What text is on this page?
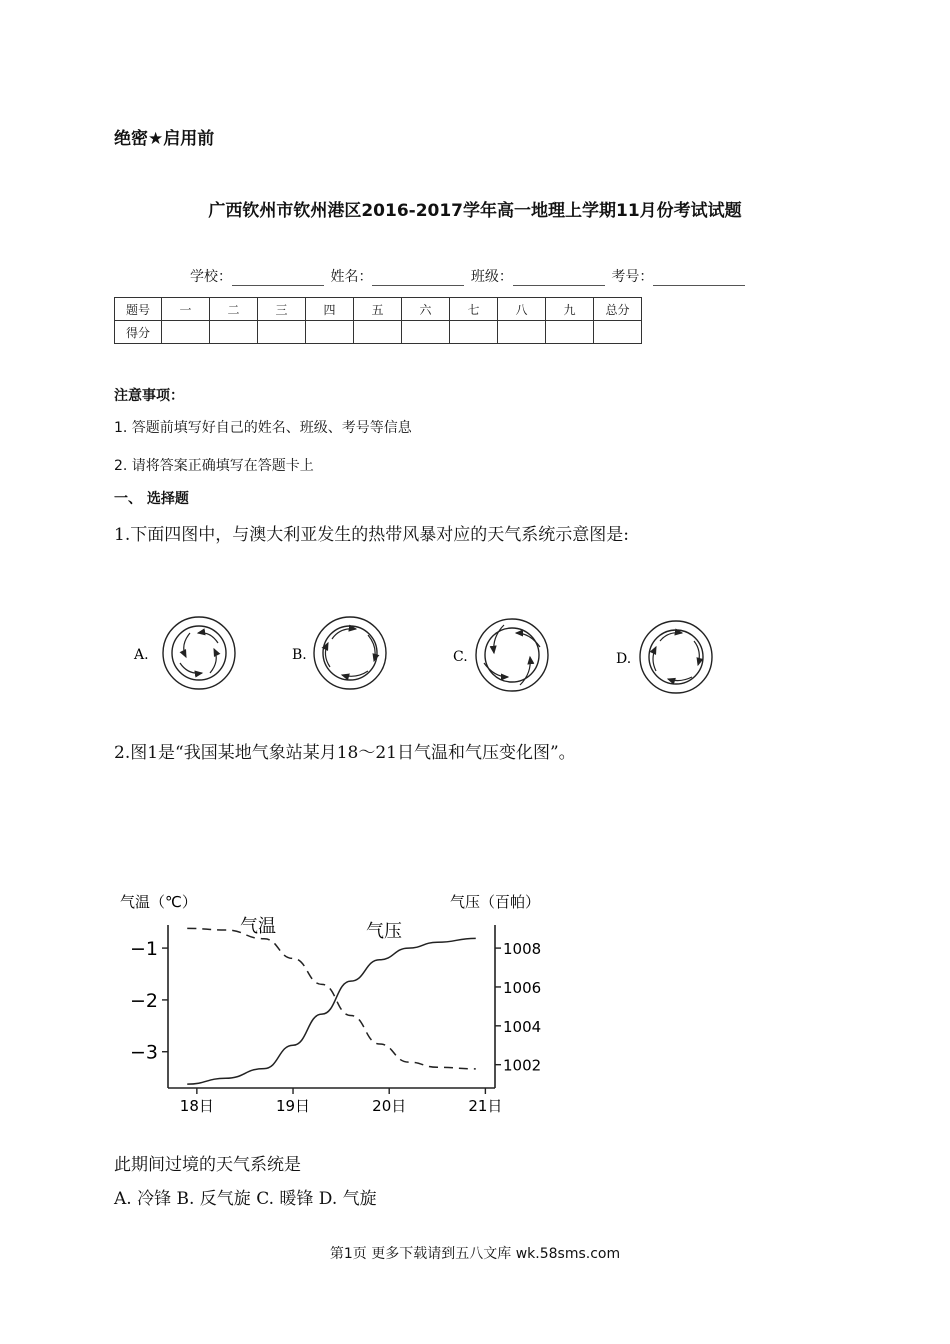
绝密★启用前
广西钦州市钦州港区2016-2017学年高一地理上学期11月份考试试题
学校：	姓名：	班级：	考号：
题号	一	二	三	四	五	六	七	八	九	总分
得分										
注意事项：
1. 答题前填写好自己的姓名、班级、考号等信息
2. 请将答案正确填写在答题卡上
一、 选择题
1.下面四图中，与澳大利亚发生的热带风暴对应的天气系统示意图是:
A.	B.	C.	D.
2.图1是“我国某地气象站某月18～21日气温和气压变化图”。
气温（℃）	气压（百帕）
−1
−2
−3
1008
1006
1004
1002
18日	19日	20日	21日
气温	气压
此期间过境的天气系统是
A. 冷锋 B. 反气旋 C. 暖锋 D. 气旋
第1页 更多下载请到五八文库 wk.58sms.com
